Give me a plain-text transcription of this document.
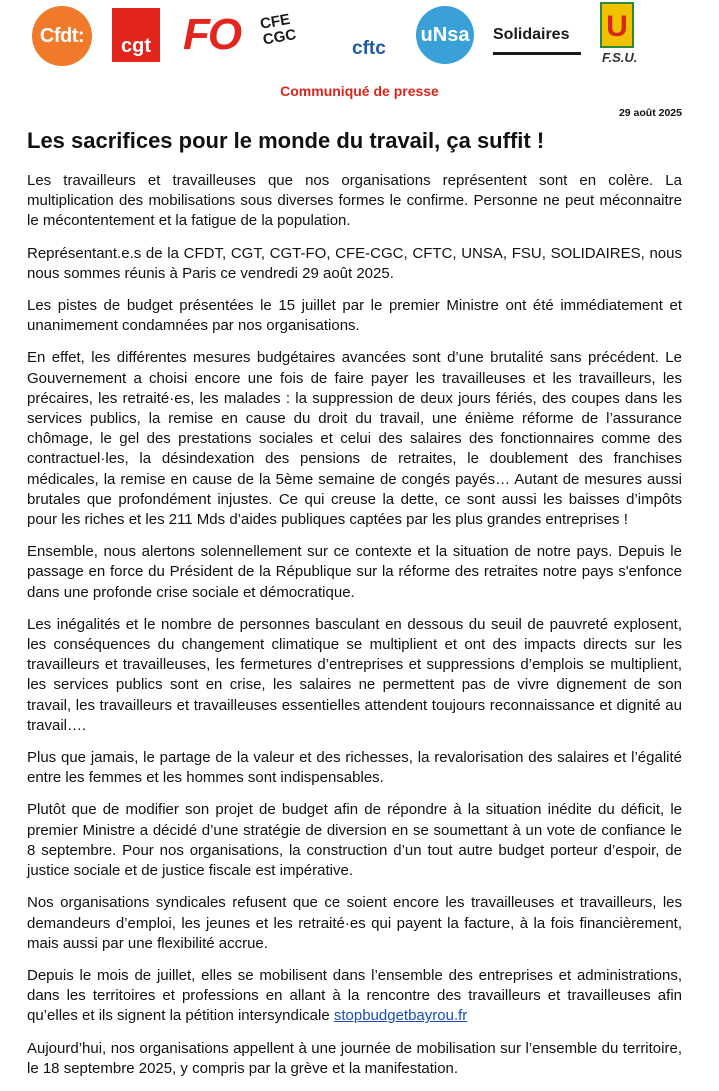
Cfdt: cgt FO CFE
CGC	cftc
uNsa Solidaires	U
F.S.U.
Communiqué de presse
29 août 2025
Les sacrifices pour le monde du travail, ça suffit !

Les travailleurs et travailleuses que nos organisations représentent sont en colère. La multiplication des mobilisations sous diverses formes le confirme. Personne ne peut méconnaitre le mécontentement et la fatigue de la population.

Représentant.e.s de la CFDT, CGT, CGT-FO, CFE-CGC, CFTC, UNSA, FSU, SOLIDAIRES, nous nous sommes réunis à Paris ce vendredi 29 août 2025.

Les pistes de budget présentées le 15 juillet par le premier Ministre ont été immédiatement et unanimement condamnées par nos organisations.

En effet, les différentes mesures budgétaires avancées sont d’une brutalité sans précédent. Le Gouvernement a choisi encore une fois de faire payer les travailleuses et les travailleurs, les précaires, les retraité·es, les malades : la suppression de deux jours fériés, des coupes dans les services publics, la remise en cause du droit du travail, une énième réforme de l’assurance chômage, le gel des prestations sociales et celui des salaires des fonctionnaires comme des contractuel·les, la désindexation des pensions de retraites, le doublement des franchises médicales, la remise en cause de la 5ème semaine de congés payés… Autant de mesures aussi brutales que profondément injustes. Ce qui creuse la dette, ce sont aussi les baisses d’impôts pour les riches et les 211 Mds d’aides publiques captées par les plus grandes entreprises !

Ensemble, nous alertons solennellement sur ce contexte et la situation de notre pays. Depuis le passage en force du Président de la République sur la réforme des retraites notre pays s'enfonce dans une profonde crise sociale et démocratique.

Les inégalités et le nombre de personnes basculant en dessous du seuil de pauvreté explosent, les conséquences du changement climatique se multiplient et ont des impacts directs sur les travailleurs et travailleuses, les fermetures d’entreprises et suppressions d’emplois se multiplient, les services publics sont en crise, les salaires ne permettent pas de vivre dignement de son travail, les travailleurs et travailleuses essentielles attendent toujours reconnaissance et dignité au travail….

Plus que jamais, le partage de la valeur et des richesses, la revalorisation des salaires et l’égalité entre les femmes et les hommes sont indispensables.

Plutôt que de modifier son projet de budget afin de répondre à la situation inédite du déficit, le premier Ministre a décidé d’une stratégie de diversion en se soumettant à un vote de confiance le 8 septembre. Pour nos organisations, la construction d’un tout autre budget porteur d’espoir, de justice sociale et de justice fiscale est impérative.

Nos organisations syndicales refusent que ce soient encore les travailleuses et travailleurs, les demandeurs d’emploi, les jeunes et les retraité·es qui payent la facture, à la fois financièrement, mais aussi par une flexibilité accrue.

Depuis le mois de juillet, elles se mobilisent dans l’ensemble des entreprises et administrations, dans les territoires et professions en allant à la rencontre des travailleurs et travailleuses afin qu’elles et ils signent la pétition intersyndicale stopbudgetbayrou.fr

Aujourd’hui, nos organisations appellent à une journée de mobilisation sur l’ensemble du territoire, le 18 septembre 2025, y compris par la grève et la manifestation.
